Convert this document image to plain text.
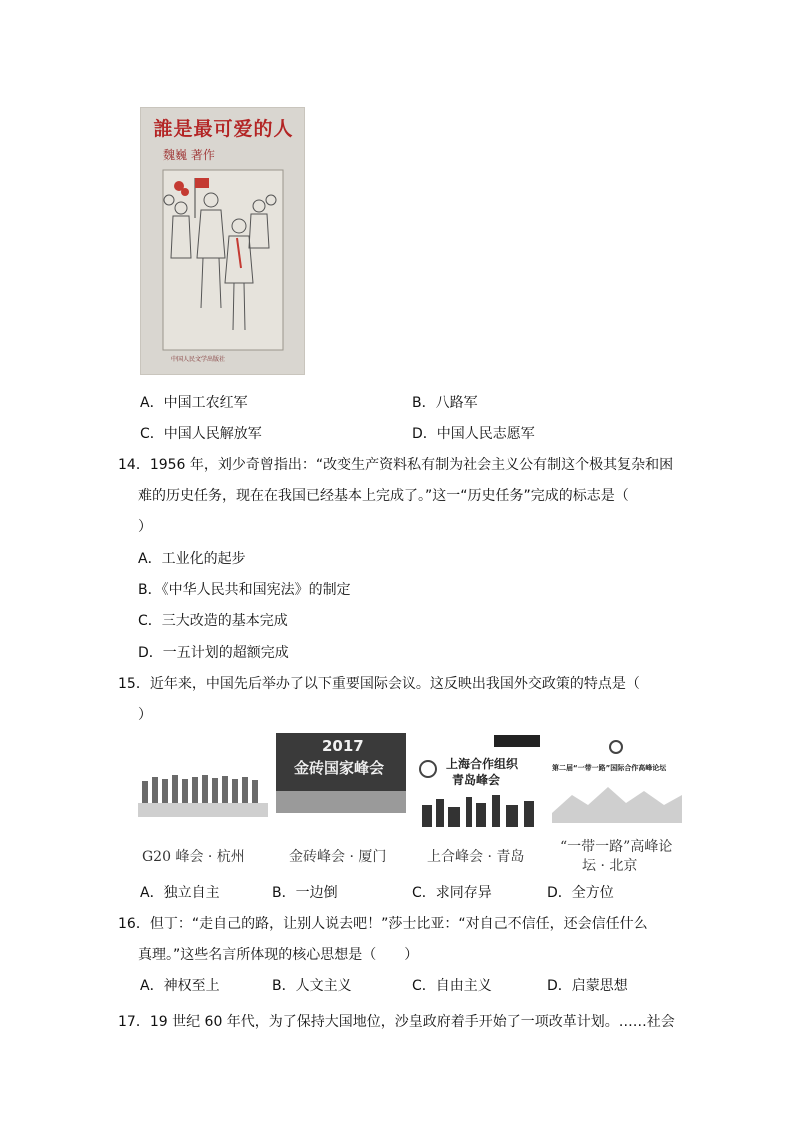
誰是最可爱的人
魏巍 著作
中国人民文学出版社
A．中国工农红军	B．八路军
C．中国人民解放军	D．中国人民志愿军
14．1956 年，刘少奇曾指出：“改变生产资料私有制为社会主义公有制这个极其复杂和困
难的历史任务，现在在我国已经基本上完成了。”这一“历史任务”完成的标志是（
）
A．工业化的起步
B．《中华人民共和国宪法》的制定
C．三大改造的基本完成
D．一五计划的超额完成
15．近年来，中国先后举办了以下重要国际会议。这反映出我国外交政策的特点是（
）
2017
金砖国家峰会	上海合作组织
青岛峰会
第二届“一带一路”国际合作高峰论坛
G20 峰会 · 杭州	金砖峰会 · 厦门	上合峰会 · 青岛
“一带一路”高峰论
坛 · 北京
A．独立自主	B．一边倒	C．求同存异	D．全方位
16．但丁：“走自己的路，让别人说去吧！”莎士比亚：“对自己不信任，还会信任什么
真理。”这些名言所体现的核心思想是（　　）
A．神权至上	B．人文主义	C．自由主义	D．启蒙思想
17．19 世纪 60 年代，为了保持大国地位，沙皇政府着手开始了一项改革计划。……社会
